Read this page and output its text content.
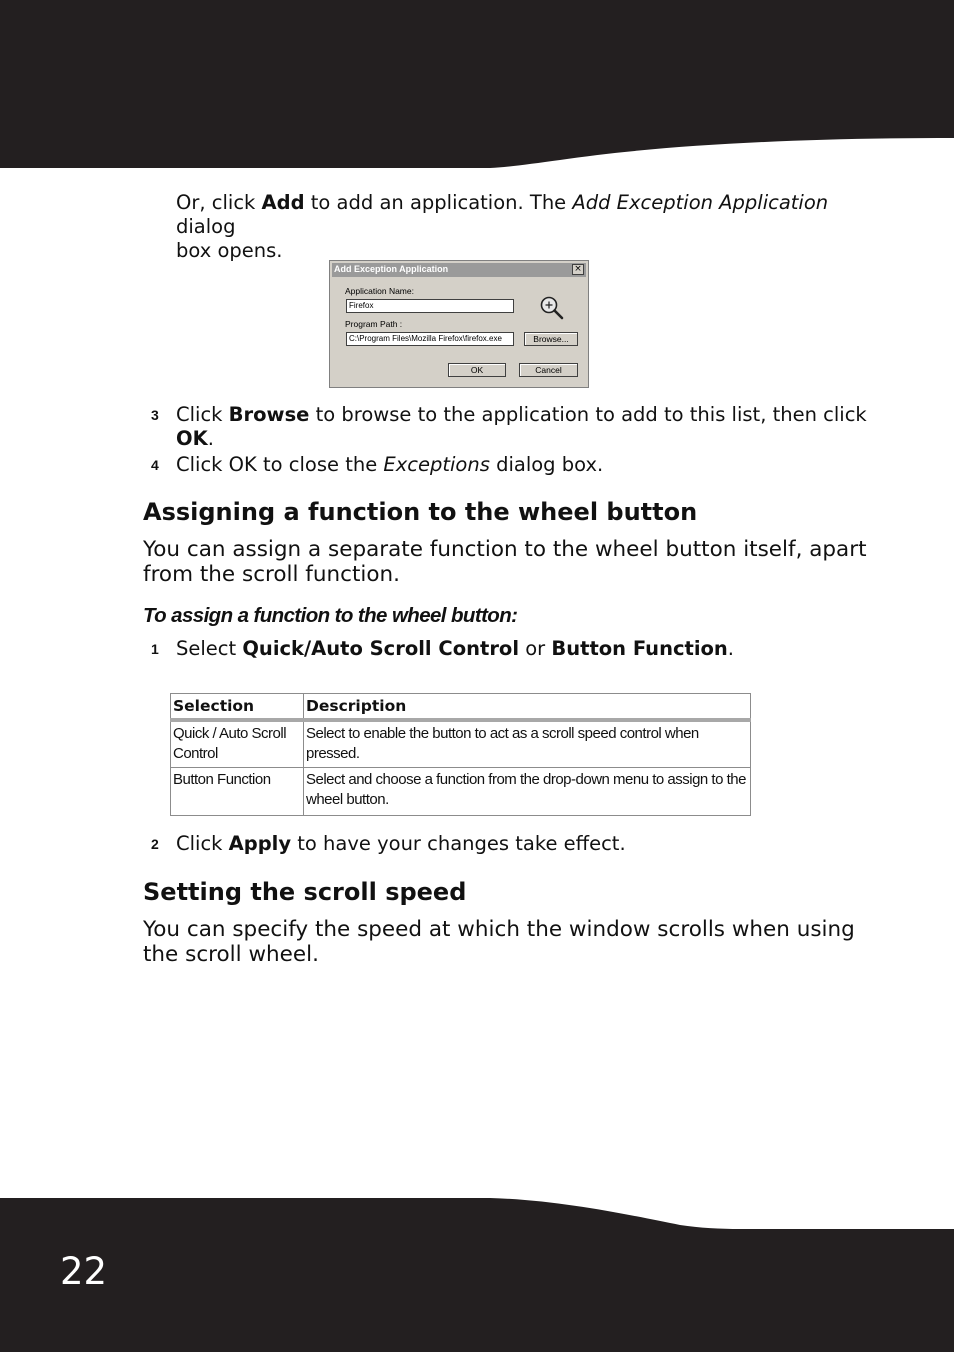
Or, click Add to add an application. The Add Exception Application dialog
box opens.
Add Exception Application	×
Application Name:
Firefox
Program Path :
C:\Program Files\Mozilla Firefox\firefox.exe	Browse...
OK	Cancel
3 Click Browse to browse to the application to add to this list, then click
OK.
4 Click OK to close the Exceptions dialog box.
Assigning a function to the wheel button
You can assign a separate function to the wheel button itself, apart
from the scroll function.
To assign a function to the wheel button:
1 Select Quick/Auto Scroll Control or Button Function.
Selection	Description
Quick / Auto Scroll Control	Select to enable the button to act as a scroll speed control when pressed.
Button Function	Select and choose a function from the drop-down menu to assign to the wheel button.
2 Click Apply to have your changes take effect.
Setting the scroll speed
You can specify the speed at which the window scrolls when using
the scroll wheel.
22
